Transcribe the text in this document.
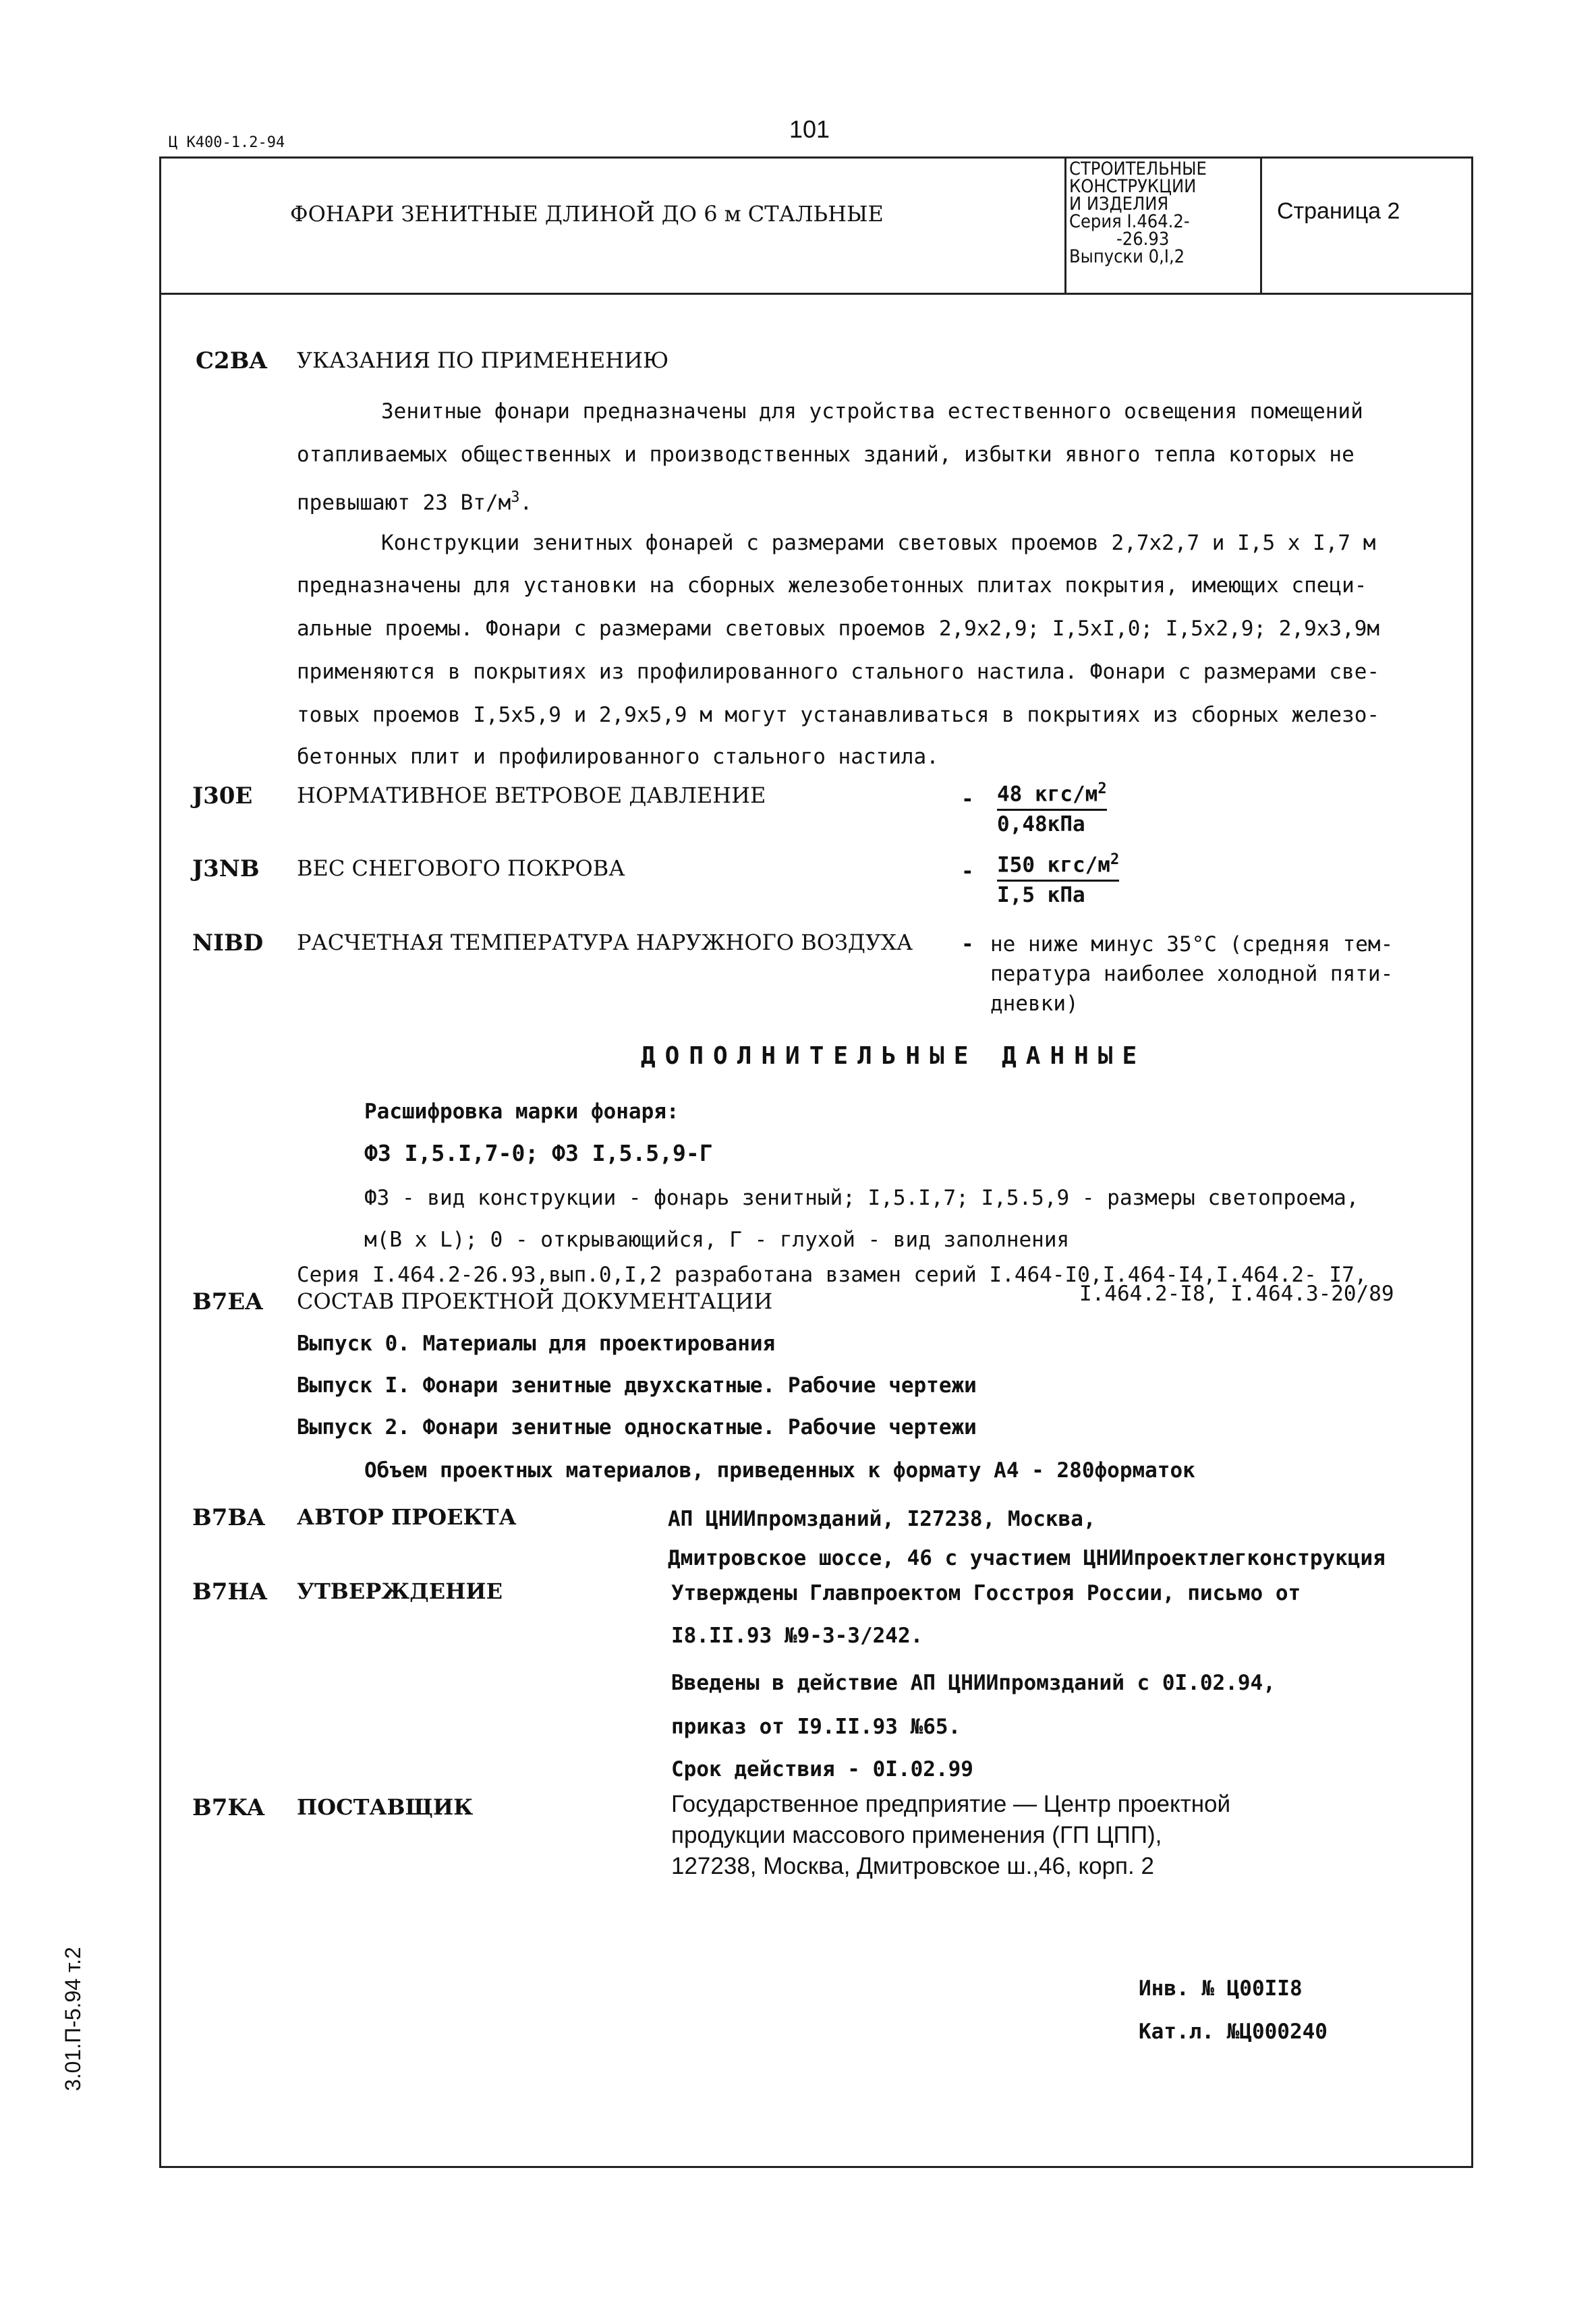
Ц К400-1.2-94	101
ФОНАРИ ЗЕНИТНЫЕ ДЛИНОЙ ДО 6 м СТАЛЬНЫЕ
СТРОИТЕЛЬНЫЕ
КОНСТРУКЦИИ
И ИЗДЕЛИЯ
Серия I.464.2-
-26.93
Выпуски 0,I,2
Страница 2
C2BA УКАЗАНИЯ ПО ПРИМЕНЕНИЮ
Зенитные фонари предназначены для устройства естественного освещения помещений
отапливаемых общественных и производственных зданий, избытки явного тепла которых не
превышают 23 $Вт/м^3$.
Конструкции зенитных фонарей с размерами световых проемов 2,7х2,7 и I,5 х I,7 м
предназначены для установки на сборных железобетонных плитах покрытия, имеющих специ-
альные проемы. Фонари с размерами световых проемов 2,9х2,9; I,5хI,0; I,5х2,9; 2,9х3,9м
применяются в покрытиях из профилированного стального настила. Фонари с размерами све-
товых проемов I,5х5,9 и 2,9х5,9 м могут устанавливаться в покрытиях из сборных железо-
бетонных плит и профилированного стального настила.
J30E НОРМАТИВНОЕ ВЕТРОВОЕ ДАВЛЕНИЕ	- 48 кгс/$м^2$
0,48кПа
J3NB ВЕС СНЕГОВОГО ПОКРОВА	- I50 кгс/$м^2$
I,5 кПа
NIBD РАСЧЕТНАЯ ТЕМПЕРАТУРА НАРУЖНОГО ВОЗДУХА - не ниже минус 35°С (средняя тем-
пература наиболее холодной пяти-
дневки)
ДОПОЛНИТЕЛЬНЫЕ ДАННЫЕ
Расшифровка марки фонаря:
ФЗ I,5.I,7-0; ФЗ I,5.5,9-Г
ФЗ - вид конструкции - фонарь зенитный; I,5.I,7; I,5.5,9 - размеры светопроема,
м(В х L); 0 - открывающийся, Г - глухой - вид заполнения
Серия I.464.2-26.93,вып.0,I,2 разработана взамен серий I.464-I0,I.464-I4,I.464.2- I7,
I.464.2-I8, I.464.3-20/89
B7EA СОСТАВ ПРОЕКТНОЙ ДОКУМЕНТАЦИИ
Выпуск 0. Материалы для проектирования
Выпуск I. Фонари зенитные двухскатные. Рабочие чертежи
Выпуск 2. Фонари зенитные односкатные. Рабочие чертежи
Объем проектных материалов, приведенных к формату А4 - 280форматок
B7BA АВТОР ПРОЕКТА	АП ЦНИИпромзданий, I27238, Москва,
Дмитровское шоссе, 46 с участием ЦНИИпроектлегконструкция
B7HA УТВЕРЖДЕНИЕ	Утверждены Главпроектом Госстроя России, письмо от
I8.II.93 №9-3-3/242.
Введены в действие АП ЦНИИпромзданий с 0I.02.94,
приказ от I9.II.93 №65.
Срок действия - 0I.02.99
B7KA ПОСТАВЩИК	Государственное предприятие — Центр проектной
продукции массового применения (ГП ЦПП),
127238, Москва, Дмитровское ш.,46, корп. 2
Инв. № Ц00II8
Кат.л. №Ц000240
3.01.П-5.94 т.2
